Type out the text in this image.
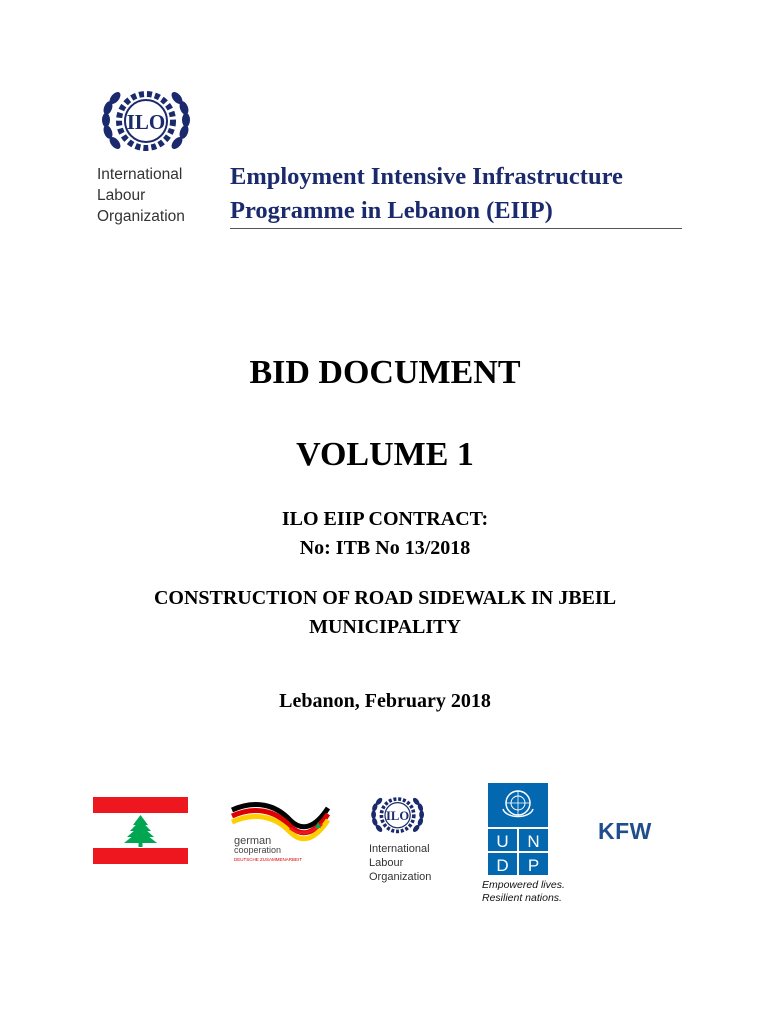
ILO
International
Labour
Organization
Employment Intensive Infrastructure
Programme in Lebanon (EIIP)
BID DOCUMENT
VOLUME 1
ILO EIIP CONTRACT:
No: ITB No 13/2018
CONSTRUCTION OF ROAD SIDEWALK IN JBEIL
MUNICIPALITY
Lebanon, February 2018
german
cooperation
DEUTSCHE ZUSAMMENARBEIT
ILO
International
Labour
Organization
U N
D P
Empowered lives.
Resilient nations.
KFW
